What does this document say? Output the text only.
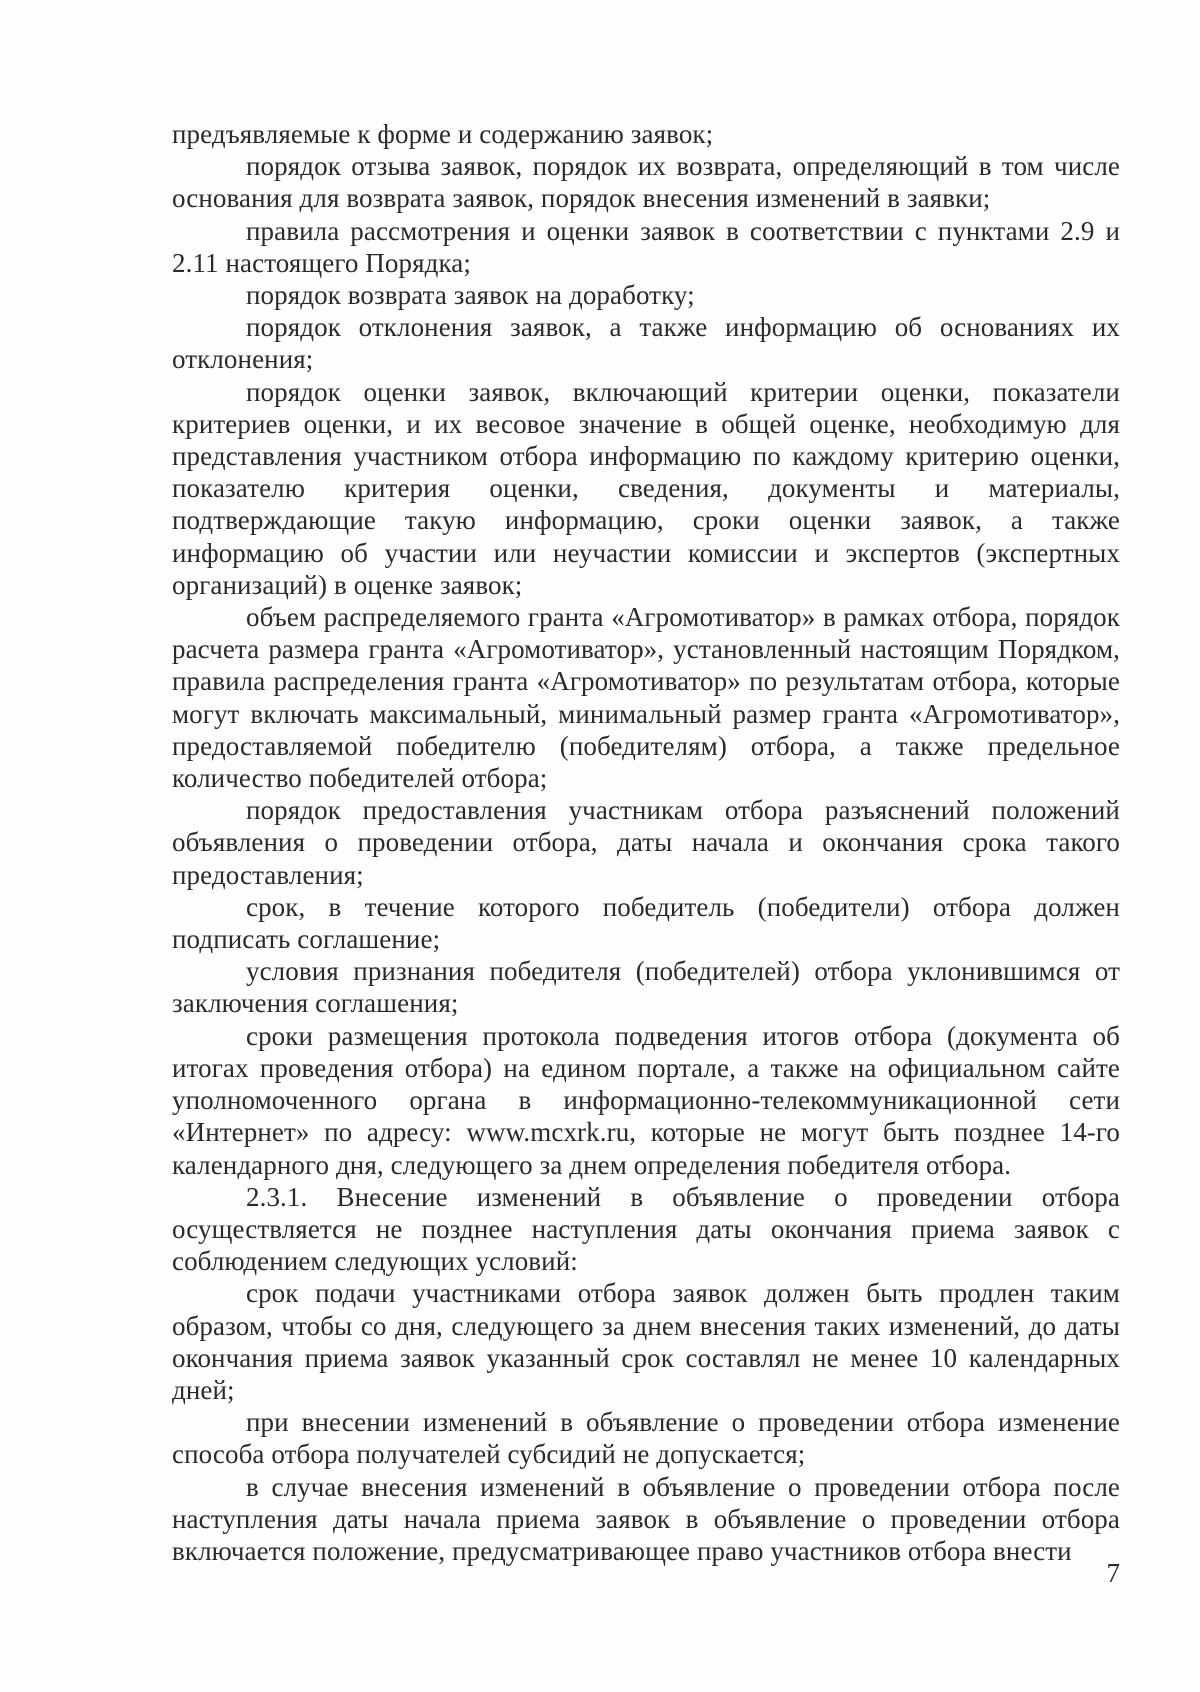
предъявляемые к форме и содержанию заявок;

порядок отзыва заявок, порядок их возврата, определяющий в том числе основания для возврата заявок, порядок внесения изменений в заявки;

правила рассмотрения и оценки заявок в соответствии с пунктами 2.9 и 2.11 настоящего Порядка;

порядок возврата заявок на доработку;

порядок отклонения заявок, а также информацию об основаниях их отклонения;

порядок оценки заявок, включающий критерии оценки, показатели критериев оценки, и их весовое значение в общей оценке, необходимую для представления участником отбора информацию по каждому критерию оценки, показателю критерия оценки, сведения, документы и материалы, подтверждающие такую информацию, сроки оценки заявок, а также информацию об участии или неучастии комиссии и экспертов (экспертных организаций) в оценке заявок;

объем распределяемого гранта «Агромотиватор» в рамках отбора, порядок расчета размера гранта «Агромотиватор», установленный настоящим Порядком, правила распределения гранта «Агромотиватор» по результатам отбора, которые могут включать максимальный, минимальный размер гранта «Агромотиватор», предоставляемой победителю (победителям) отбора, а также предельное количество победителей отбора;

порядок предоставления участникам отбора разъяснений положений объявления о проведении отбора, даты начала и окончания срока такого предоставления;

срок, в течение которого победитель (победители) отбора должен подписать соглашение;

условия признания победителя (победителей) отбора уклонившимся от заключения соглашения;

сроки размещения протокола подведения итогов отбора (документа об итогах проведения отбора) на едином портале, а также на официальном сайте уполномоченного органа в информационно-телекоммуникационной сети «Интернет» по адресу: www.mcxrk.ru, которые не могут быть позднее 14-го календарного дня, следующего за днем определения победителя отбора.

2.3.1. Внесение изменений в объявление о проведении отбора осуществляется не позднее наступления даты окончания приема заявок с соблюдением следующих условий:

срок подачи участниками отбора заявок должен быть продлен таким образом, чтобы со дня, следующего за днем внесения таких изменений, до даты окончания приема заявок указанный срок составлял не менее 10 календарных дней;

при внесении изменений в объявление о проведении отбора изменение способа отбора получателей субсидий не допускается;

в случае внесения изменений в объявление о проведении отбора после наступления даты начала приема заявок в объявление о проведении отбора включается положение, предусматривающее право участников отбора внести

7
